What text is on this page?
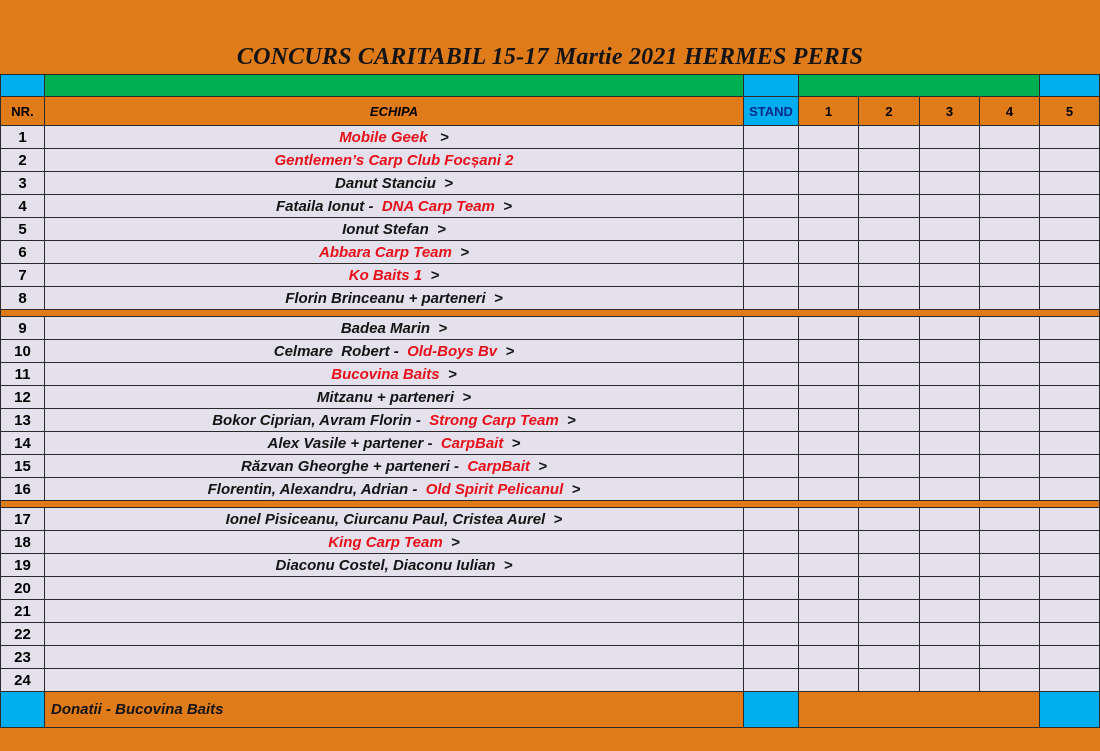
CONCURS CARITABIL 15-17 Martie 2021 HERMES PERIS

NR.	ECHIPA	STAND	1	2	3	4	5
1	Mobile Geek   >						
2	Gentlemen’s Carp Club Focșani 2						
3	Danut Stanciu  >						
4	Fataila Ionut -  DNA Carp Team  >						
5	Ionut Stefan  >						
6	Abbara Carp Team  >						
7	Ko Baits 1  >						
8	Florin Brinceanu + parteneri  >						

9	Badea Marin  >						
10	Celmare  Robert -  Old-Boys Bv  >						
11	Bucovina Baits  >						
12	Mitzanu + parteneri  >						
13	Bokor Ciprian, Avram Florin -  Strong Carp Team  >						
14	Alex Vasile + partener -  CarpBait  >						
15	Răzvan Gheorghe + parteneri -  CarpBait  >						
16	Florentin, Alexandru, Adrian -  Old Spirit Pelicanul  >						

17	Ionel Pisiceanu, Ciurcanu Paul, Cristea Aurel  >						
18	King Carp Team  >						
19	Diaconu Costel, Diaconu Iulian  >						
20							
21							
22							
23							
24							
	Donatii - Bucovina Baits						
